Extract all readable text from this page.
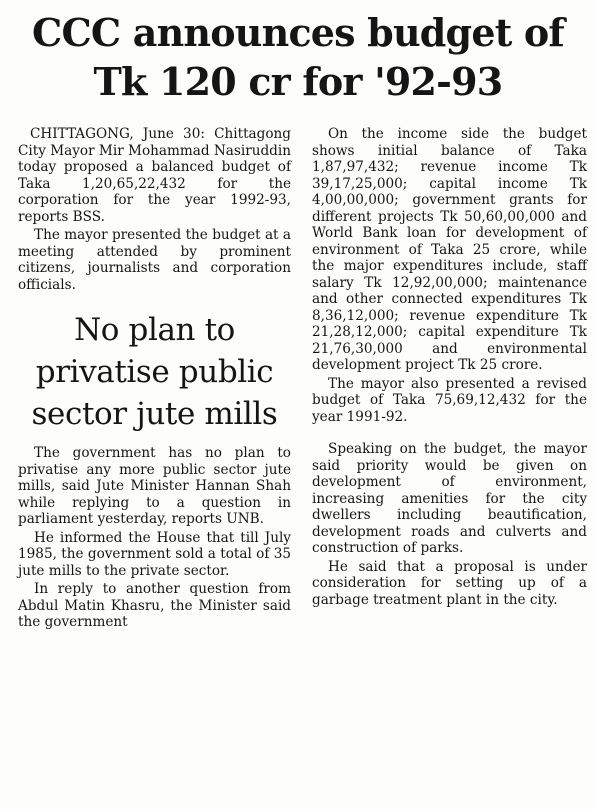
CCC announces budget of Tk 120 cr for '92-93

CHITTAGONG, June 30: Chittagong City Mayor Mir Mohammad Nasiruddin today proposed a balanced budget of Taka 1,20,65,22,432 for the corporation for the year 1992-93, reports BSS.

The mayor presented the budget at a meeting attended by prominent citizens, journalists and corporation officials.

No plan to privatise public sector jute mills

The government has no plan to privatise any more public sector jute mills, said Jute Minister Hannan Shah while replying to a question in parliament yesterday, reports UNB.

He informed the House that till July 1985, the government sold a total of 35 jute mills to the private sector.

In reply to another question from Abdul Matin Khasru, the Minister said the government

On the income side the budget shows initial balance of Taka 1,87,97,432; revenue income Tk 39,17,25,000; capital income Tk 4,00,00,000; government grants for different projects Tk 50,60,00,000 and World Bank loan for development of environment of Taka 25 crore, while the major expenditures include, staff salary Tk 12,92,00,000; maintenance and other connected expenditures Tk 8,36,12,000; revenue expenditure Tk 21,28,12,000; capital expenditure Tk 21,76,30,000 and environmental development project Tk 25 crore.

The mayor also presented a revised budget of Taka 75,69,12,432 for the year 1991-92.

Speaking on the budget, the mayor said priority would be given on development of environment, increasing amenities for the city dwellers including beautification, development roads and culverts and construction of parks.

He said that a proposal is under consideration for setting up of a garbage treatment plant in the city.
